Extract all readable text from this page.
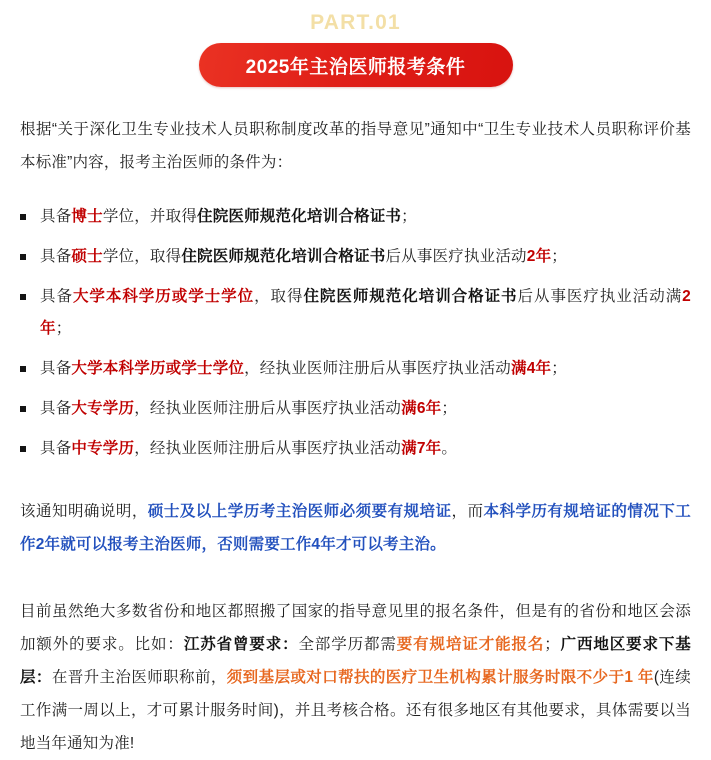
PART.01
2025年主治医师报考条件

根据“关于深化卫生专业技术人员职称制度改革的指导意见”通知中“卫生专业技术人员职称评价基本标准”内容，报考主治医师的条件为：

具备博士学位，并取得住院医师规范化培训合格证书；
具备硕士学位，取得住院医师规范化培训合格证书后从事医疗执业活动2年；
具备大学本科学历或学士学位，取得住院医师规范化培训合格证书后从事医疗执业活动满2年；
具备大学本科学历或学士学位，经执业医师注册后从事医疗执业活动满4年；
具备大专学历，经执业医师注册后从事医疗执业活动满6年；
具备中专学历，经执业医师注册后从事医疗执业活动满7年。

该通知明确说明，硕士及以上学历考主治医师必须要有规培证，而本科学历有规培证的情况下工作2年就可以报考主治医师，否则需要工作4年才可以考主治。

目前虽然绝大多数省份和地区都照搬了国家的指导意见里的报名条件，但是有的省份和地区会添加额外的要求。比如：江苏省曾要求：全部学历都需要有规培证才能报名；广西地区要求下基层：在晋升主治医师职称前，须到基层或对口帮扶的医疗卫生机构累计服务时限不少于1 年(连续工作满一周以上，才可累计服务时间)，并且考核合格。还有很多地区有其他要求，具体需要以当地当年通知为准!
